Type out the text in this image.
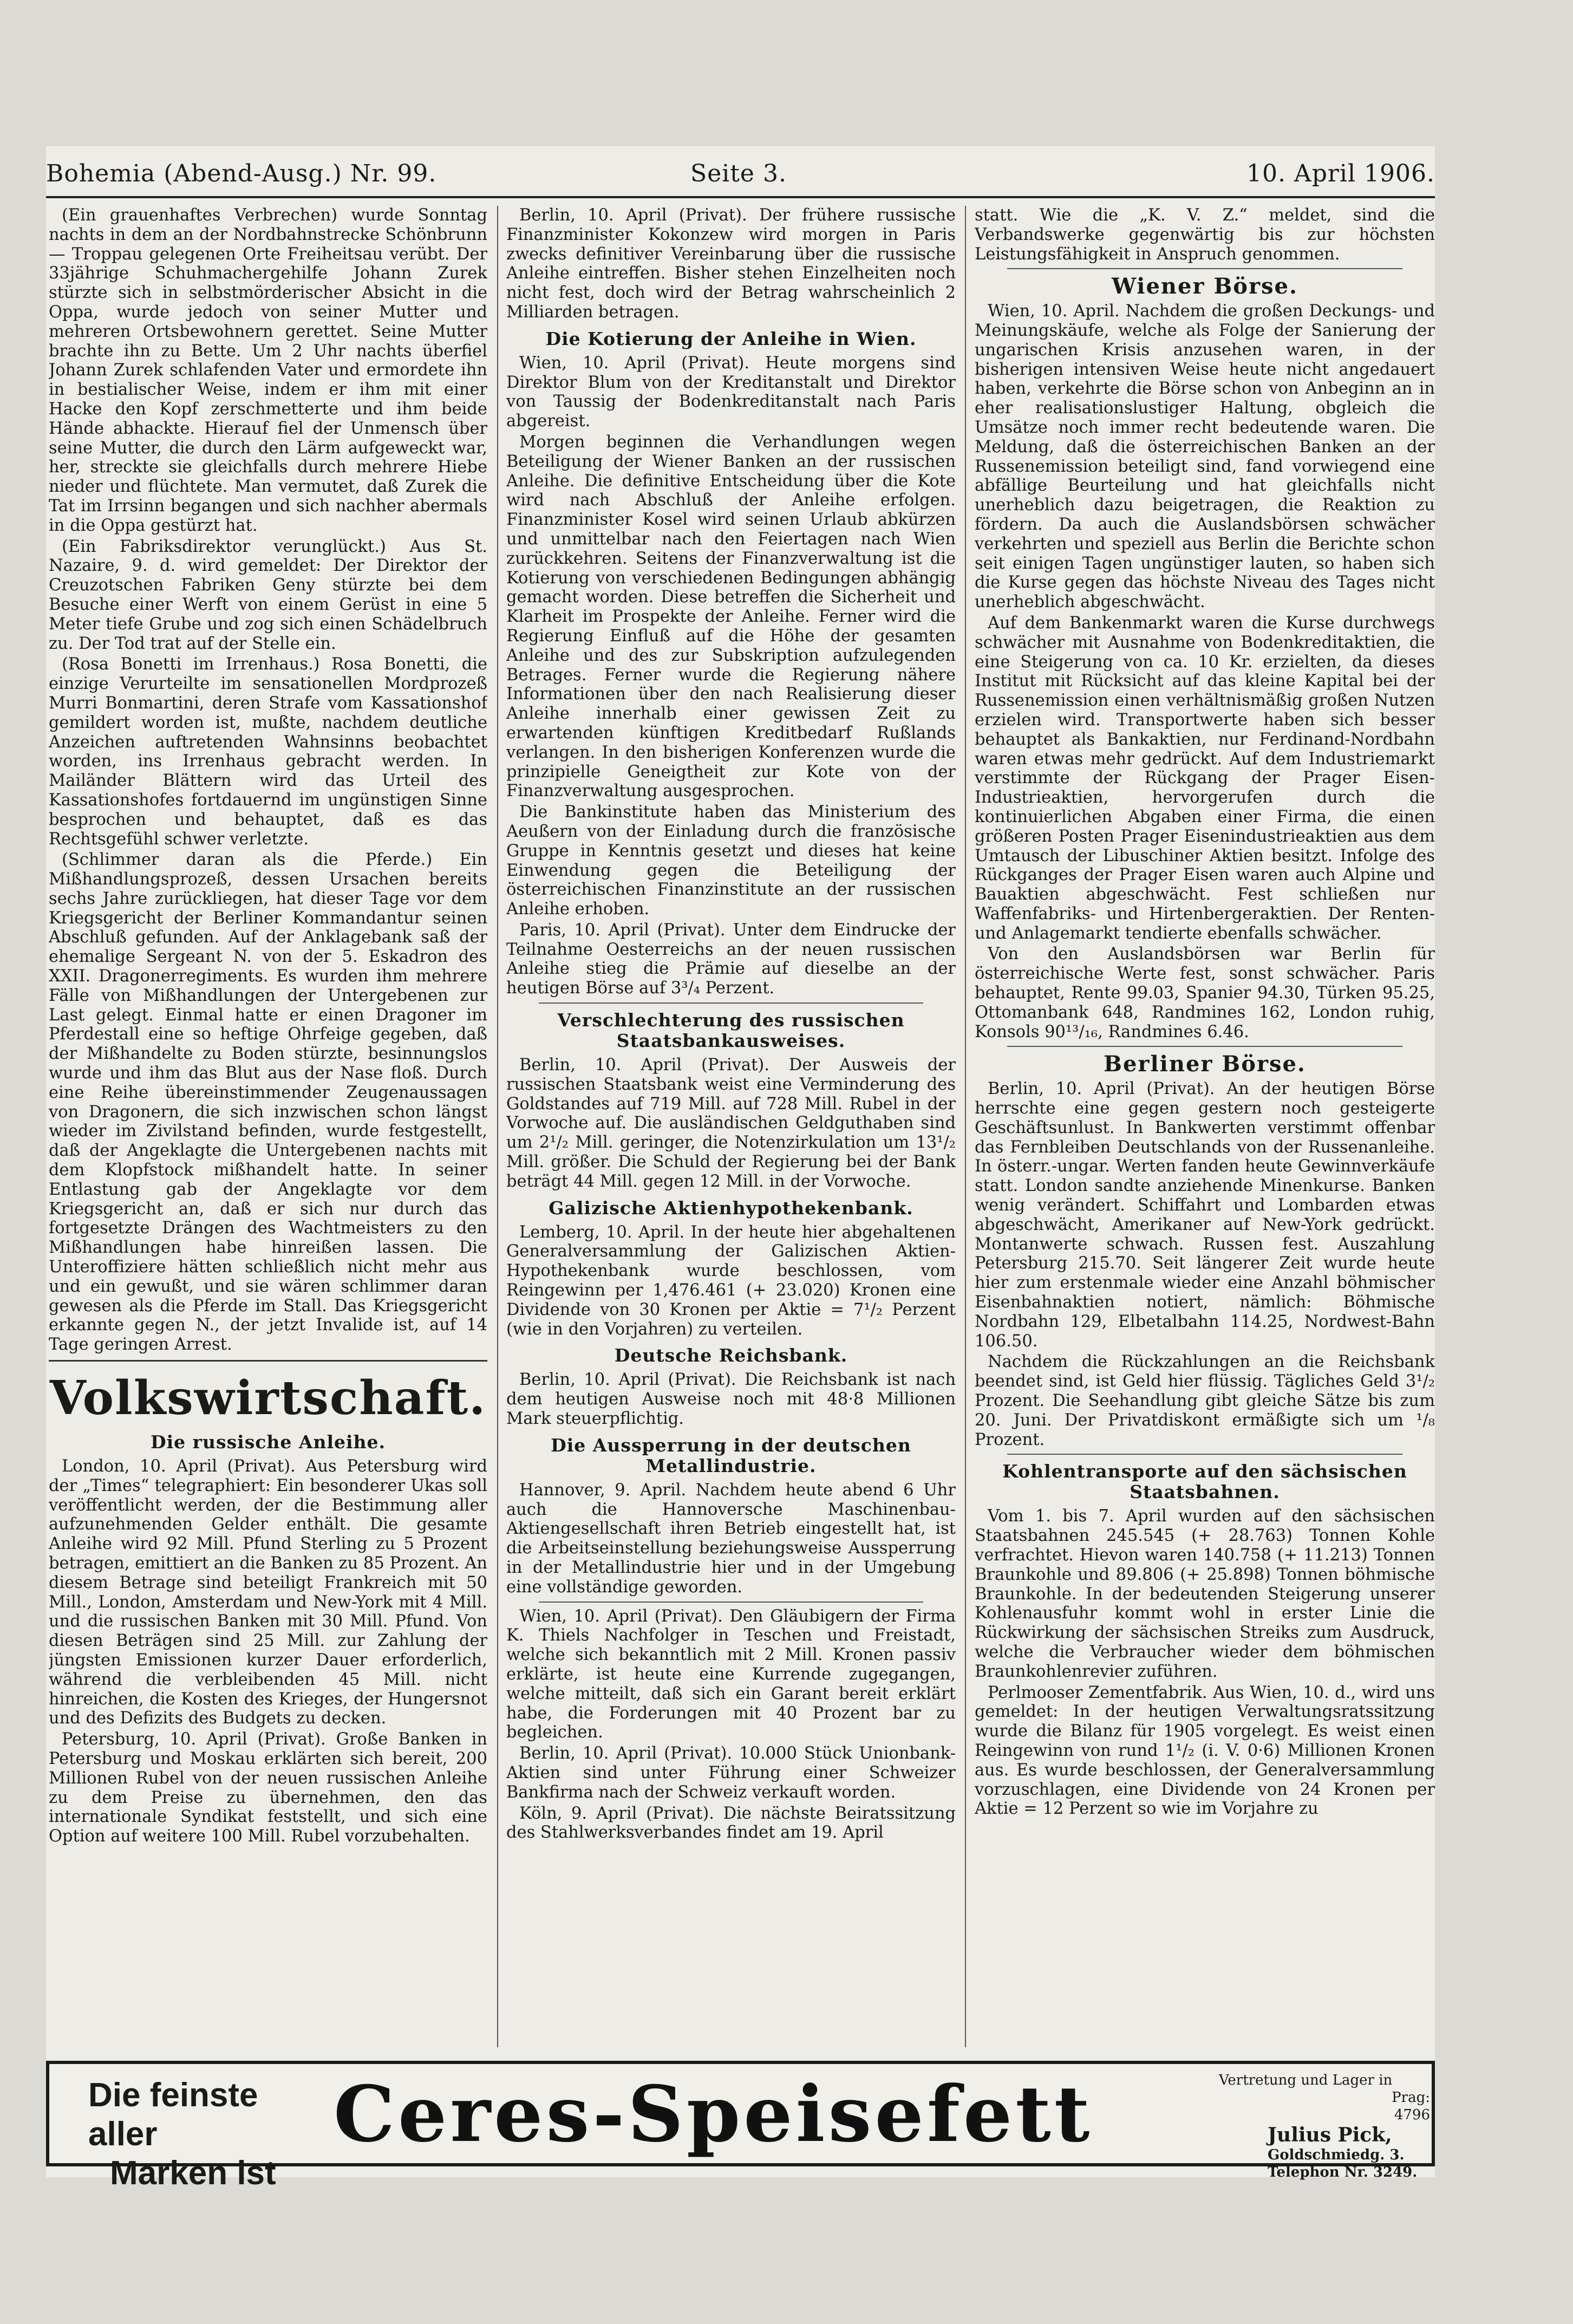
Bohemia (Abend-Ausg.) Nr. 99.	Seite 3.	10. April 1906.

(Ein grauenhaftes Verbrechen) wurde Sonntag nachts in dem an der Nordbahnstrecke Schönbrunn— Troppau gelegenen Orte Freiheitsau verübt. Der 33jährige Schuhmachergehilfe Johann Zurek stürzte sich in selbstmörderischer Absicht in die Oppa, wurde jedoch von seiner Mutter und mehreren Ortsbewohnern gerettet. Seine Mutter brachte ihn zu Bette. Um 2 Uhr nachts überfiel Johann Zurek schlafenden Vater und ermordete ihn in bestialischer Weise, indem er ihm mit einer Hacke den Kopf zerschmetterte und ihm beide Hände abhackte. Hierauf fiel der Unmensch über seine Mutter, die durch den Lärm aufgeweckt war, her, streckte sie gleichfalls durch mehrere Hiebe nieder und flüchtete. Man vermutet, daß Zurek die Tat im Irrsinn begangen und sich nachher abermals in die Oppa gestürzt hat.

(Ein Fabriksdirektor verunglückt.) Aus St. Nazaire, 9. d. wird gemeldet: Der Direktor der Creuzotschen Fabriken Geny stürzte bei dem Besuche einer Werft von einem Gerüst in eine 5 Meter tiefe Grube und zog sich einen Schädelbruch zu. Der Tod trat auf der Stelle ein.

(Rosa Bonetti im Irrenhaus.) Rosa Bonetti, die einzige Verurteilte im sensationellen Mordprozeß Murri Bonmartini, deren Strafe vom Kassationshof gemildert worden ist, mußte, nachdem deutliche Anzeichen auftretenden Wahnsinns beobachtet worden, ins Irrenhaus gebracht werden. In Mailänder Blättern wird das Urteil des Kassationshofes fortdauernd im ungünstigen Sinne besprochen und behauptet, daß es das Rechtsgefühl schwer verletzte.

(Schlimmer daran als die Pferde.) Ein Mißhandlungsprozeß, dessen Ursachen bereits sechs Jahre zurückliegen, hat dieser Tage vor dem Kriegsgericht der Berliner Kommandantur seinen Abschluß gefunden. Auf der Anklagebank saß der ehemalige Sergeant N. von der 5. Eskadron des XXII. Dragonerregiments. Es wurden ihm mehrere Fälle von Mißhandlungen der Untergebenen zur Last gelegt. Einmal hatte er einen Dragoner im Pferdestall eine so heftige Ohrfeige gegeben, daß der Mißhandelte zu Boden stürzte, besinnungslos wurde und ihm das Blut aus der Nase floß. Durch eine Reihe übereinstimmender Zeugenaussagen von Dragonern, die sich inzwischen schon längst wieder im Zivilstand befinden, wurde festgestellt, daß der Angeklagte die Untergebenen nachts mit dem Klopfstock mißhandelt hatte. In seiner Entlastung gab der Angeklagte vor dem Kriegsgericht an, daß er sich nur durch das fortgesetzte Drängen des Wachtmeisters zu den Mißhandlungen habe hinreißen lassen. Die Unteroffiziere hätten schließlich nicht mehr aus und ein gewußt, und sie wären schlimmer daran gewesen als die Pferde im Stall. Das Kriegsgericht erkannte gegen N., der jetzt Invalide ist, auf 14 Tage geringen Arrest.

Volkswirtschaft.
Die russische Anleihe.

London, 10. April (Privat). Aus Petersburg wird der „Times“ telegraphiert: Ein besonderer Ukas soll veröffentlicht werden, der die Bestimmung aller aufzunehmenden Gelder enthält. Die gesamte Anleihe wird 92 Mill. Pfund Sterling zu 5 Prozent betragen, emittiert an die Banken zu 85 Prozent. An diesem Betrage sind beteiligt Frankreich mit 50 Mill., London, Amsterdam und New-York mit 4 Mill. und die russischen Banken mit 30 Mill. Pfund. Von diesen Beträgen sind 25 Mill. zur Zahlung der jüngsten Emissionen kurzer Dauer erforderlich, während die verbleibenden 45 Mill. nicht hinreichen, die Kosten des Krieges, der Hungersnot und des Defizits des Budgets zu decken.

Petersburg, 10. April (Privat). Große Banken in Petersburg und Moskau erklärten sich bereit, 200 Millionen Rubel von der neuen russischen Anleihe zu dem Preise zu übernehmen, den das internationale Syndikat feststellt, und sich eine Option auf weitere 100 Mill. Rubel vorzubehalten.

Berlin, 10. April (Privat). Der frühere russische Finanzminister Kokonzew wird morgen in Paris zwecks definitiver Vereinbarung über die russische Anleihe eintreffen. Bisher stehen Einzelheiten noch nicht fest, doch wird der Betrag wahrscheinlich 2 Milliarden betragen.

Die Kotierung der Anleihe in Wien.

Wien, 10. April (Privat). Heute morgens sind Direktor Blum von der Kreditanstalt und Direktor von Taussig der Bodenkreditanstalt nach Paris abgereist.

Morgen beginnen die Verhandlungen wegen Beteiligung der Wiener Banken an der russischen Anleihe. Die definitive Entscheidung über die Kote wird nach Abschluß der Anleihe erfolgen. Finanzminister Kosel wird seinen Urlaub abkürzen und unmittelbar nach den Feiertagen nach Wien zurückkehren. Seitens der Finanzverwaltung ist die Kotierung von verschiedenen Bedingungen abhängig gemacht worden. Diese betreffen die Sicherheit und Klarheit im Prospekte der Anleihe. Ferner wird die Regierung Einfluß auf die Höhe der gesamten Anleihe und des zur Subskription aufzulegenden Betrages. Ferner wurde die Regierung nähere Informationen über den nach Realisierung dieser Anleihe innerhalb einer gewissen Zeit zu erwartenden künftigen Kreditbedarf Rußlands verlangen. In den bisherigen Konferenzen wurde die prinzipielle Geneigtheit zur Kote von der Finanzverwaltung ausgesprochen.

Die Bankinstitute haben das Ministerium des Aeußern von der Einladung durch die französische Gruppe in Kenntnis gesetzt und dieses hat keine Einwendung gegen die Beteiligung der österreichischen Finanzinstitute an der russischen Anleihe erhoben.

Paris, 10. April (Privat). Unter dem Eindrucke der Teilnahme Oesterreichs an der neuen russischen Anleihe stieg die Prämie auf dieselbe an der heutigen Börse auf 3³/₄ Perzent.

Verschlechterung des russischen Staatsbankausweises.

Berlin, 10. April (Privat). Der Ausweis der russischen Staatsbank weist eine Verminderung des Goldstandes auf 719 Mill. auf 728 Mill. Rubel in der Vorwoche auf. Die ausländischen Geldguthaben sind um 2¹/₂ Mill. geringer, die Notenzirkulation um 13¹/₂ Mill. größer. Die Schuld der Regierung bei der Bank beträgt 44 Mill. gegen 12 Mill. in der Vorwoche.

Galizische Aktienhypothekenbank.

Lemberg, 10. April. In der heute hier abgehaltenen Generalversammlung der Galizischen Aktien-Hypothekenbank wurde beschlossen, vom Reingewinn per 1,476.461 (+ 23.020) Kronen eine Dividende von 30 Kronen per Aktie = 7¹/₂ Perzent (wie in den Vorjahren) zu verteilen.

Deutsche Reichsbank.

Berlin, 10. April (Privat). Die Reichsbank ist nach dem heutigen Ausweise noch mit 48·8 Millionen Mark steuerpflichtig.

Die Aussperrung in der deutschen Metallindustrie.

Hannover, 9. April. Nachdem heute abend 6 Uhr auch die Hannoversche Maschinenbau-Aktiengesellschaft ihren Betrieb eingestellt hat, ist die Arbeitseinstellung beziehungsweise Aussperrung in der Metallindustrie hier und in der Umgebung eine vollständige geworden.

Wien, 10. April (Privat). Den Gläubigern der Firma K. Thiels Nachfolger in Teschen und Freistadt, welche sich bekanntlich mit 2 Mill. Kronen passiv erklärte, ist heute eine Kurrende zugegangen, welche mitteilt, daß sich ein Garant bereit erklärt habe, die Forderungen mit 40 Prozent bar zu begleichen.

Berlin, 10. April (Privat). 10.000 Stück Unionbank-Aktien sind unter Führung einer Schweizer Bankfirma nach der Schweiz verkauft worden.

Köln, 9. April (Privat). Die nächste Beiratssitzung des Stahlwerksverbandes findet am 19. April

statt. Wie die „K. V. Z.“ meldet, sind die Verbandswerke gegenwärtig bis zur höchsten Leistungsfähigkeit in Anspruch genommen.

Wiener Börse.

Wien, 10. April. Nachdem die großen Deckungs- und Meinungskäufe, welche als Folge der Sanierung der ungarischen Krisis anzusehen waren, in der bisherigen intensiven Weise heute nicht angedauert haben, verkehrte die Börse schon von Anbeginn an in eher realisationslustiger Haltung, obgleich die Umsätze noch immer recht bedeutende waren. Die Meldung, daß die österreichischen Banken an der Russenemission beteiligt sind, fand vorwiegend eine abfällige Beurteilung und hat gleichfalls nicht unerheblich dazu beigetragen, die Reaktion zu fördern. Da auch die Auslandsbörsen schwächer verkehrten und speziell aus Berlin die Berichte schon seit einigen Tagen ungünstiger lauten, so haben sich die Kurse gegen das höchste Niveau des Tages nicht unerheblich abgeschwächt.

Auf dem Bankenmarkt waren die Kurse durchwegs schwächer mit Ausnahme von Bodenkreditaktien, die eine Steigerung von ca. 10 Kr. erzielten, da dieses Institut mit Rücksicht auf das kleine Kapital bei der Russenemission einen verhältnismäßig großen Nutzen erzielen wird. Transportwerte haben sich besser behauptet als Bankaktien, nur Ferdinand-Nordbahn waren etwas mehr gedrückt. Auf dem Industriemarkt verstimmte der Rückgang der Prager Eisen-Industrieaktien, hervorgerufen durch die kontinuierlichen Abgaben einer Firma, die einen größeren Posten Prager Eisenindustrieaktien aus dem Umtausch der Libuschiner Aktien besitzt. Infolge des Rückganges der Prager Eisen waren auch Alpine und Bauaktien abgeschwächt. Fest schließen nur Waffenfabriks- und Hirtenbergeraktien. Der Renten- und Anlagemarkt tendierte ebenfalls schwächer.

Von den Auslandsbörsen war Berlin für österreichische Werte fest, sonst schwächer. Paris behauptet, Rente 99.03, Spanier 94.30, Türken 95.25, Ottomanbank 648, Randmines 162, London ruhig, Konsols 90¹³/₁₆, Randmines 6.46.

Berliner Börse.

Berlin, 10. April (Privat). An der heutigen Börse herrschte eine gegen gestern noch gesteigerte Geschäftsunlust. In Bankwerten verstimmt offenbar das Fernbleiben Deutschlands von der Russenanleihe. In österr.-ungar. Werten fanden heute Gewinnverkäufe statt. London sandte anziehende Minenkurse. Banken wenig verändert. Schiffahrt und Lombarden etwas abgeschwächt, Amerikaner auf New-York gedrückt. Montanwerte schwach. Russen fest. Auszahlung Petersburg 215.70. Seit längerer Zeit wurde heute hier zum erstenmale wieder eine Anzahl böhmischer Eisenbahnaktien notiert, nämlich: Böhmische Nordbahn 129, Elbetalbahn 114.25, Nordwest-Bahn 106.50.

Nachdem die Rückzahlungen an die Reichsbank beendet sind, ist Geld hier flüssig. Tägliches Geld 3¹/₂ Prozent. Die Seehandlung gibt gleiche Sätze bis zum 20. Juni. Der Privatdiskont ermäßigte sich um ¹/₈ Prozent.

Kohlentransporte auf den sächsischen Staatsbahnen.

Vom 1. bis 7. April wurden auf den sächsischen Staatsbahnen 245.545 (+ 28.763) Tonnen Kohle verfrachtet. Hievon waren 140.758 (+ 11.213) Tonnen Braunkohle und 89.806 (+ 25.898) Tonnen böhmische Braunkohle. In der bedeutenden Steigerung unserer Kohlenausfuhr kommt wohl in erster Linie die Rückwirkung der sächsischen Streiks zum Ausdruck, welche die Verbraucher wieder dem böhmischen Braunkohlenrevier zuführen.

Perlmooser Zementfabrik. Aus Wien, 10. d., wird uns gemeldet: In der heutigen Verwaltungsratssitzung wurde die Bilanz für 1905 vorgelegt. Es weist einen Reingewinn von rund 1¹/₂ (i. V. 0·6) Millionen Kronen aus. Es wurde beschlossen, der Generalversammlung vorzuschlagen, eine Dividende von 24 Kronen per Aktie = 12 Perzent so wie im Vorjahre zu

Die feinste aller
Marken ist
Ceres-Speisefett	Vertretung und Lager in
Prag:
4796
Julius Pick,
Goldschmiedg. 3.
Telephon Nr. 3249.
